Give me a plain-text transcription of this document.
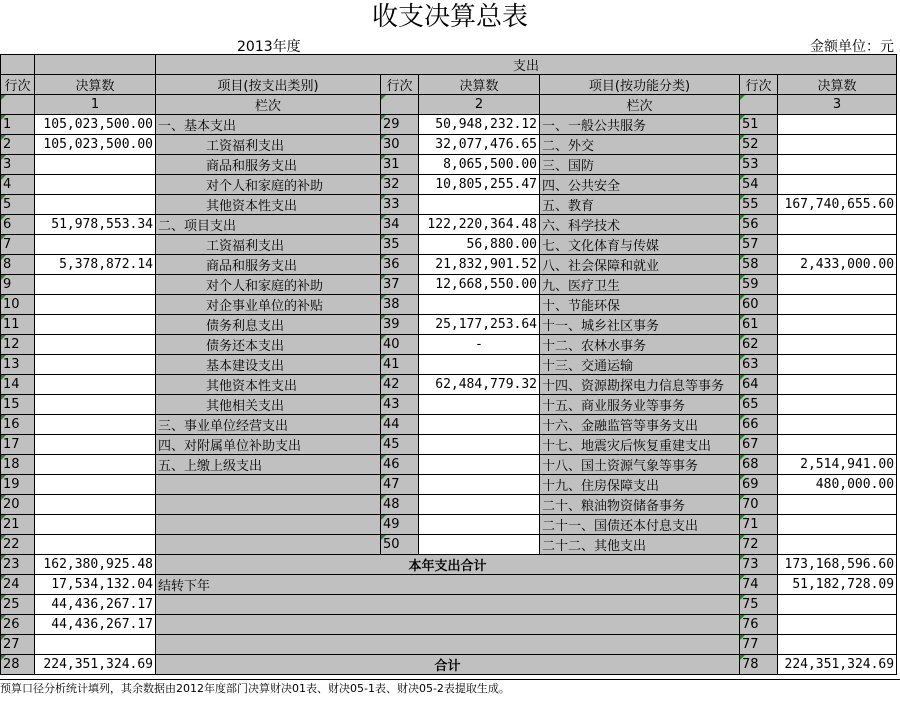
收支决算总表
2013年度	金额单位：元
		支出					
行次	决算数	项目(按支出类别)	行次	决算数	项目(按功能分类)	行次	决算数
	1	栏次		2	栏次		3
1	105,023,500.00	一、基本支出	29	50,948,232.12	一、一般公共服务	51	
2	105,023,500.00	工资福利支出	30	32,077,476.65	二、外交	52	
3		商品和服务支出	31	8,065,500.00	三、国防	53	
4		对个人和家庭的补助	32	10,805,255.47	四、公共安全	54	
5		其他资本性支出	33		五、教育	55	167,740,655.60
6	51,978,553.34	二、项目支出	34	122,220,364.48	六、科学技术	56	
7		工资福利支出	35	56,880.00	七、文化体育与传媒	57	
8	5,378,872.14	商品和服务支出	36	21,832,901.52	八、社会保障和就业	58	2,433,000.00
9		对个人和家庭的补助	37	12,668,550.00	九、医疗卫生	59	
10		对企事业单位的补贴	38		十、节能环保	60	
11		债务利息支出	39	25,177,253.64	十一、城乡社区事务	61	
12		债务还本支出	40	-	十二、农林水事务	62	
13		基本建设支出	41		十三、交通运输	63	
14		其他资本性支出	42	62,484,779.32	十四、资源勘探电力信息等事务	64	
15		其他相关支出	43		十五、商业服务业等事务	65	
16		三、事业单位经营支出	44		十六、金融监管等事务支出	66	
17		四、对附属单位补助支出	45		十七、地震灾后恢复重建支出	67	
18		五、上缴上级支出	46		十八、国土资源气象等事务	68	2,514,941.00
19			47		十九、住房保障支出	69	480,000.00
20			48		二十、粮油物资储备事务	70	
21			49		二十一、国债还本付息支出	71	
22			50		二十二、其他支出	72	
23	162,380,925.48	本年支出合计				73	173,168,596.60
24	17,534,132.04	结转下年				74	51,182,728.09
25	44,436,267.17					75	
26	44,436,267.17					76	
27						77	
28	224,351,324.69	合计				78	224,351,324.69
预算口径分析统计填列，其余数据由2012年度部门决算财决01表、财决05-1表、财决05-2表提取生成。
